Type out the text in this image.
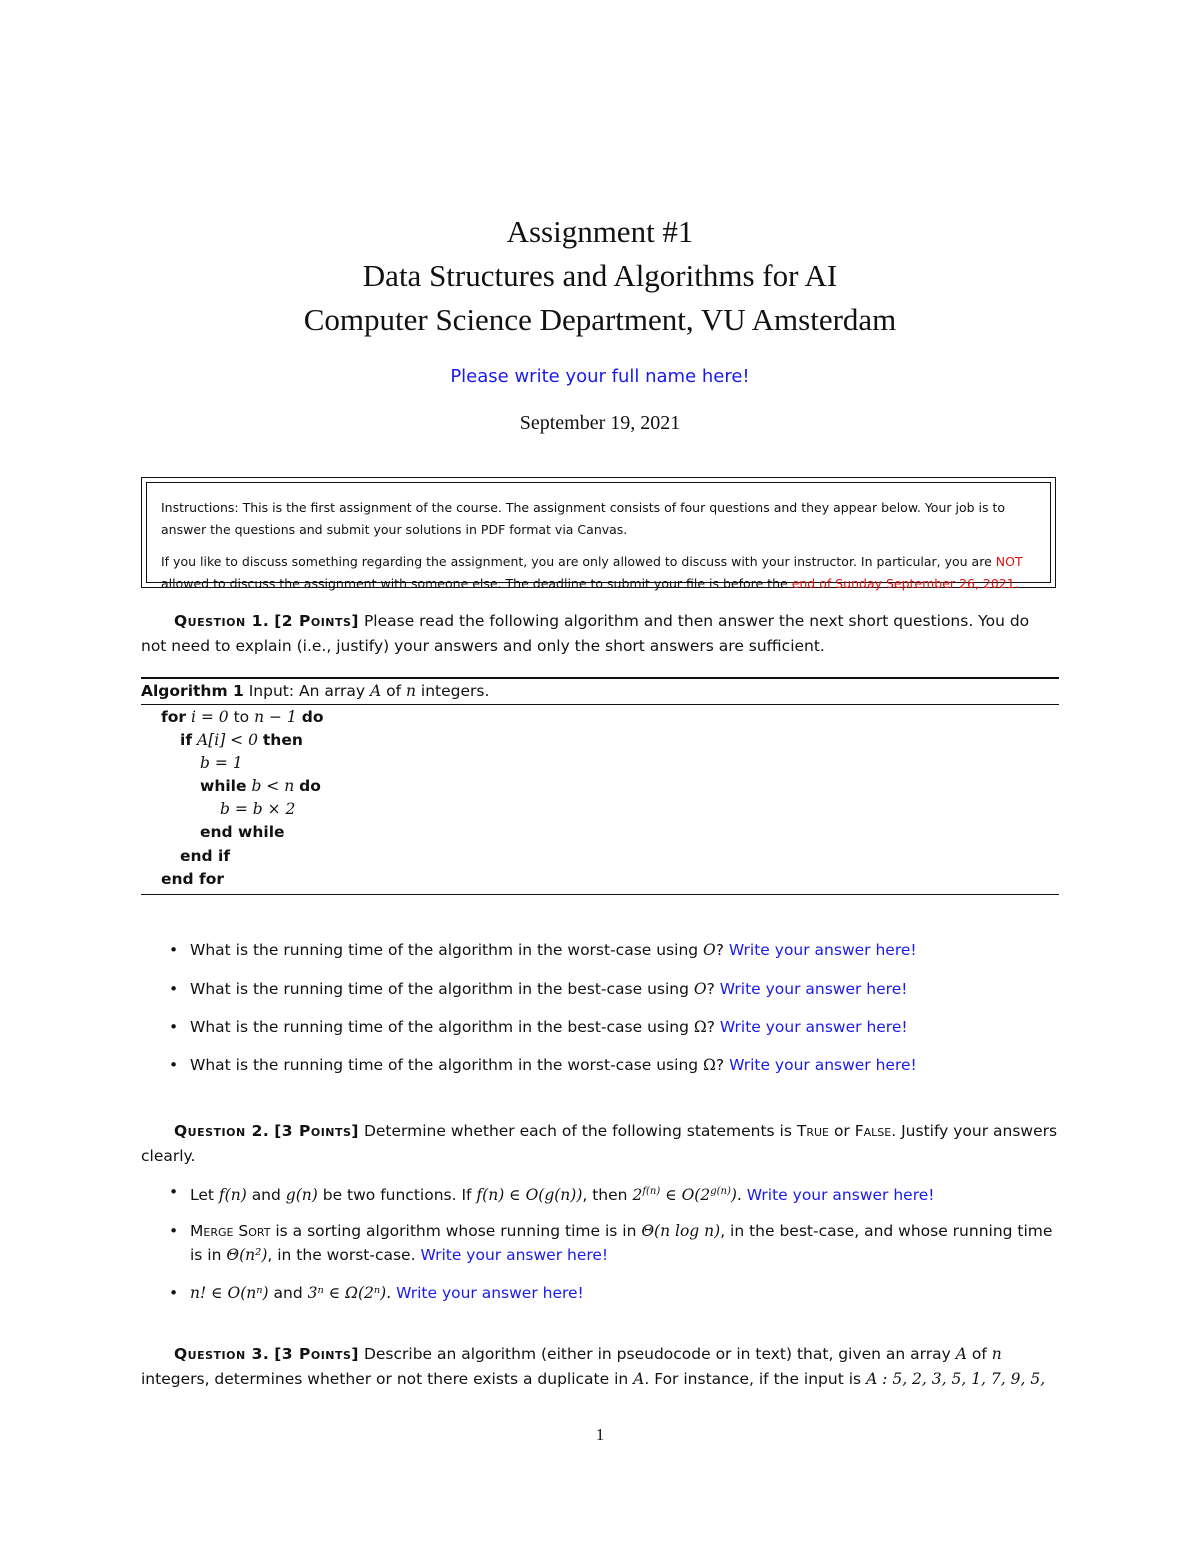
Assignment #1
Data Structures and Algorithms for AI
Computer Science Department, VU Amsterdam
Please write your full name here!
September 19, 2021

Instructions: This is the first assignment of the course. The assignment consists of four questions and they appear below. Your job is to answer the questions and submit your solutions in PDF format via Canvas.

If you like to discuss something regarding the assignment, you are only allowed to discuss with your instructor. In particular, you are NOT allowed to discuss the assignment with someone else. The deadline to submit your file is before the end of Sunday September 26, 2021.

Question 1. [2 Points] Please read the following algorithm and then answer the next short questions. You do not need to explain (i.e., justify) your answers and only the short answers are sufficient.
Algorithm 1 Input: An array A of n integers.
for i = 0 to n − 1 do
if A[i] < 0 then
b = 1
while b < n do
b = b × 2
end while
end if
end for
• What is the running time of the algorithm in the worst-case using O? Write your answer here!
• What is the running time of the algorithm in the best-case using O? Write your answer here!
• What is the running time of the algorithm in the best-case using Ω? Write your answer here!
• What is the running time of the algorithm in the worst-case using Ω? Write your answer here!
Question 2. [3 Points] Determine whether each of the following statements is True or False. Justify your answers clearly.
• Let f(n) and g(n) be two functions. If f(n) ∈ O(g(n)), then $2^{f(n)}$ ∈ $O(2^{g(n)})$. Write your answer here!
• Merge Sort is a sorting algorithm whose running time is in Θ(n log n), in the best-case, and whose running time is in Θ(n²), in the worst-case. Write your answer here!
• n! ∈ O(nⁿ) and 3ⁿ ∈ Ω(2ⁿ). Write your answer here!
Question 3. [3 Points] Describe an algorithm (either in pseudocode or in text) that, given an array A of n integers, determines whether or not there exists a duplicate in A. For instance, if the input is A : 5, 2, 3, 5, 1, 7, 9, 5,
1
